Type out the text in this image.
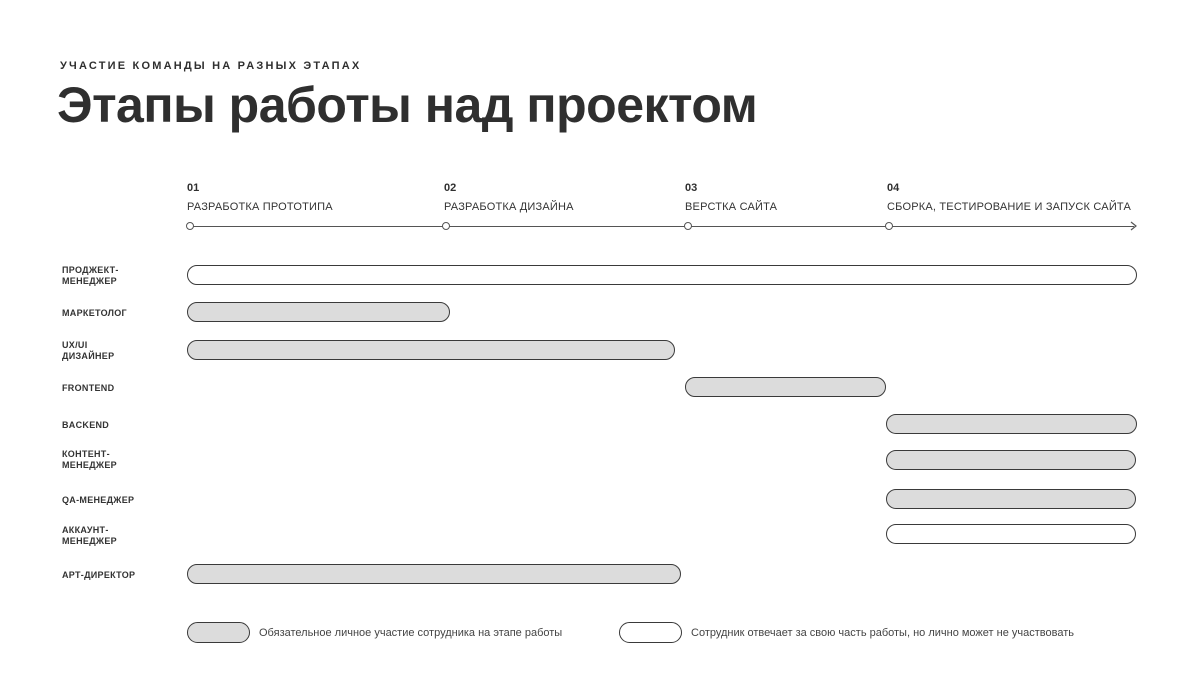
УЧАСТИЕ КОМАНДЫ НА РАЗНЫХ ЭТАПАХ
Этапы работы над проектом
01
РАЗРАБОТКА ПРОТОТИПА
02
РАЗРАБОТКА ДИЗАЙНА
03
ВЕРСТКА САЙТА
04
СБОРКА, ТЕСТИРОВАНИЕ И ЗАПУСК САЙТА
ПРОДЖЕКТ-
МЕНЕДЖЕР
МАРКЕТОЛОГ
UX/UI
ДИЗАЙНЕР
FRONTEND
BACKEND
КОНТЕНТ-
МЕНЕДЖЕР
QA-МЕНЕДЖЕР
АККАУНТ-
МЕНЕДЖЕР
АРТ-ДИРЕКТОР
Обязательное личное участие сотрудника на этапе работы	Сотрудник отвечает за свою часть работы, но лично может не участвовать
